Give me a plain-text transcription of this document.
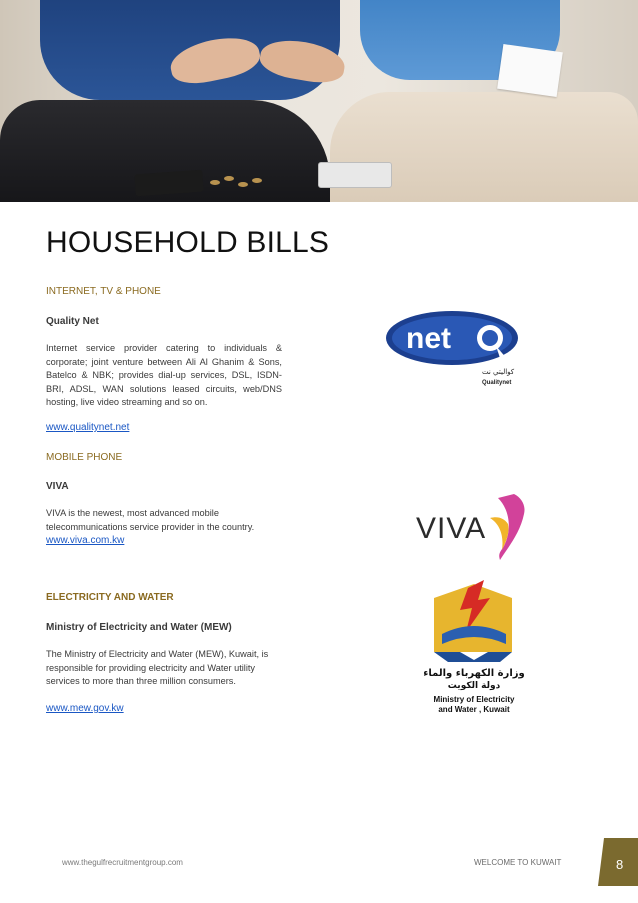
HOUSEHOLD BILLS
INTERNET, TV & PHONE
Quality Net
Internet service provider catering to individuals & corporate; joint venture between Ali Al Ghanim & Sons, Batelco & NBK; provides dial-up services, DSL, ISDN-BRI, ADSL, WAN solutions leased circuits, web/DNS hosting, live video streaming and so on.
www.qualitynet.net
MOBILE PHONE
VIVA
VIVA is the newest, most advanced mobile telecommunications service provider in the country.
www.viva.com.kw
ELECTRICITY AND WATER
Ministry of Electricity and Water (MEW)
The Ministry of Electricity and Water (MEW), Kuwait, is responsible for providing electricity and Water utility services to more than three million consumers.
www.mew.gov.kw
net
كواليتي نت
Qualitynet
VIVA
وزارة الكهرباء والماء
دولة الكويت
Ministry of Electricity
and Water , Kuwait
www.thegulfrecruitmentgroup.com	WELCOME TO KUWAIT	8
